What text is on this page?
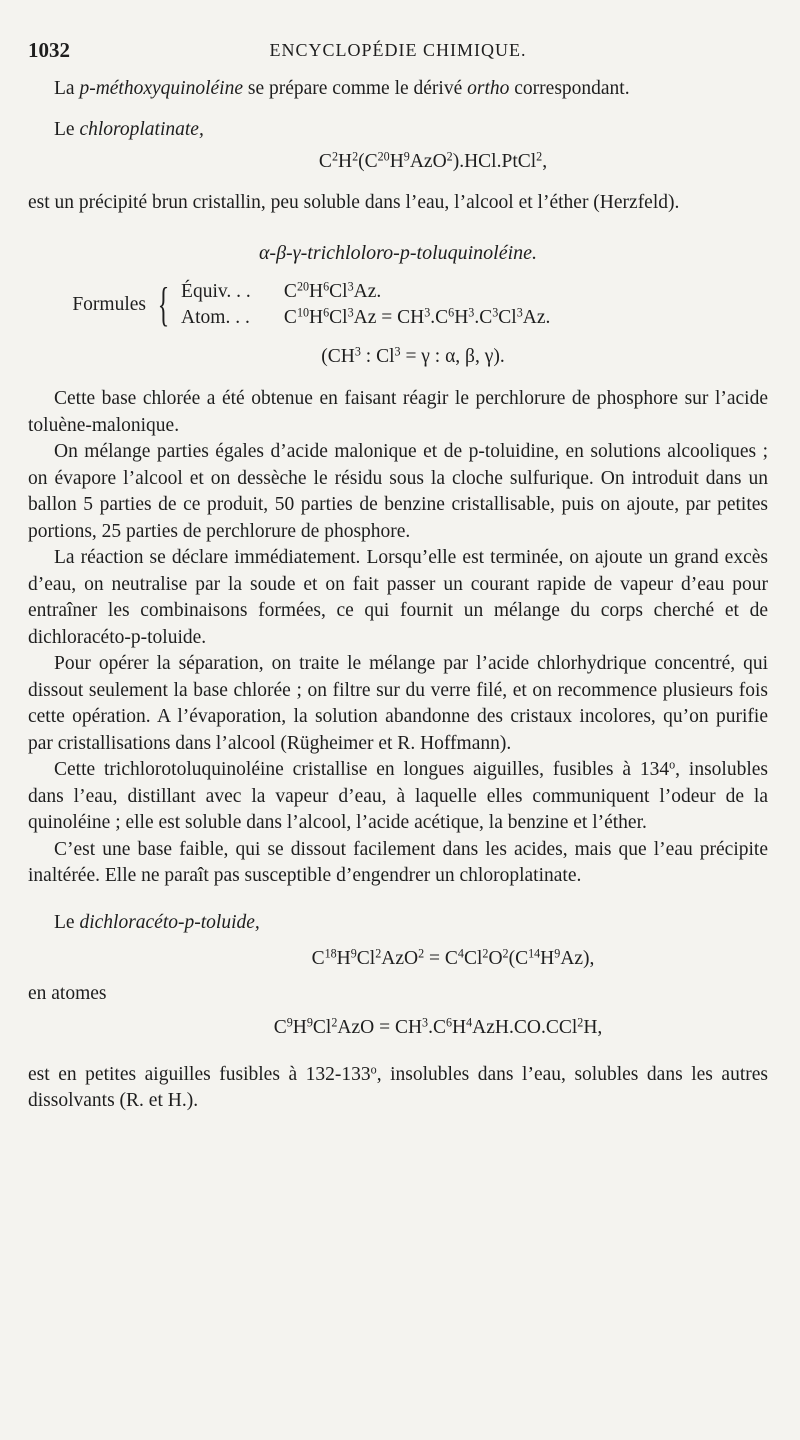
1032	ENCYCLOPÉDIE CHIMIQUE.

La p-méthoxyquinoléine se prépare comme le dérivé ortho correspondant.

Le chloroplatinate,

$C^2H^2(C^{20}H^9AzO^2).HCl.PtCl^2$,

est un précipité brun cristallin, peu soluble dans l’eau, l’alcool et l’éther (Herzfeld).

α-β-γ-trichloloro-p-toluquinoléine.
Formules { Équiv. . . $C^{20}H^6Cl^3Az$.
Atom. . . $C^{10}H^6Cl^3Az = CH^3.C^6H^3.C^3Cl^3Az$.
($CH^3$ : $Cl^3 = \gamma$ : α, β, γ).

Cette base chlorée a été obtenue en faisant réagir le perchlorure de phosphore sur l’acide toluène-malonique.

On mélange parties égales d’acide malonique et de p-toluidine, en solutions alcooliques ; on évapore l’alcool et on dessèche le résidu sous la cloche sulfurique. On introduit dans un ballon 5 parties de ce produit, 50 parties de benzine cristallisable, puis on ajoute, par petites portions, 25 parties de perchlorure de phosphore.

La réaction se déclare immédiatement. Lorsqu’elle est terminée, on ajoute un grand excès d’eau, on neutralise par la soude et on fait passer un courant rapide de vapeur d’eau pour entraîner les combinaisons formées, ce qui fournit un mélange du corps cherché et de dichloracéto-p-toluide.

Pour opérer la séparation, on traite le mélange par l’acide chlorhydrique concentré, qui dissout seulement la base chlorée ; on filtre sur du verre filé, et on recommence plusieurs fois cette opération. A l’évaporation, la solution abandonne des cristaux incolores, qu’on purifie par cristallisations dans l’alcool (Rügheimer et R. Hoffmann).

Cette trichlorotoluquinoléine cristallise en longues aiguilles, fusibles à 134$^o$, insolubles dans l’eau, distillant avec la vapeur d’eau, à laquelle elles communiquent l’odeur de la quinoléine ; elle est soluble dans l’alcool, l’acide acétique, la benzine et l’éther.

C’est une base faible, qui se dissout facilement dans les acides, mais que l’eau précipite inaltérée. Elle ne paraît pas susceptible d’engendrer un chloroplatinate.

Le dichloracéto-p-toluide,

$C^{18}H^9Cl^2AzO^2 = C^4Cl^2O^2(C^{14}H^9Az)$,

en atomes

$C^9H^9Cl^2AzO = CH^3.C^6H^4AzH.CO.CCl^2H$,

est en petites aiguilles fusibles à 132-133$^o$, insolubles dans l’eau, solubles dans les autres dissolvants (R. et H.).
